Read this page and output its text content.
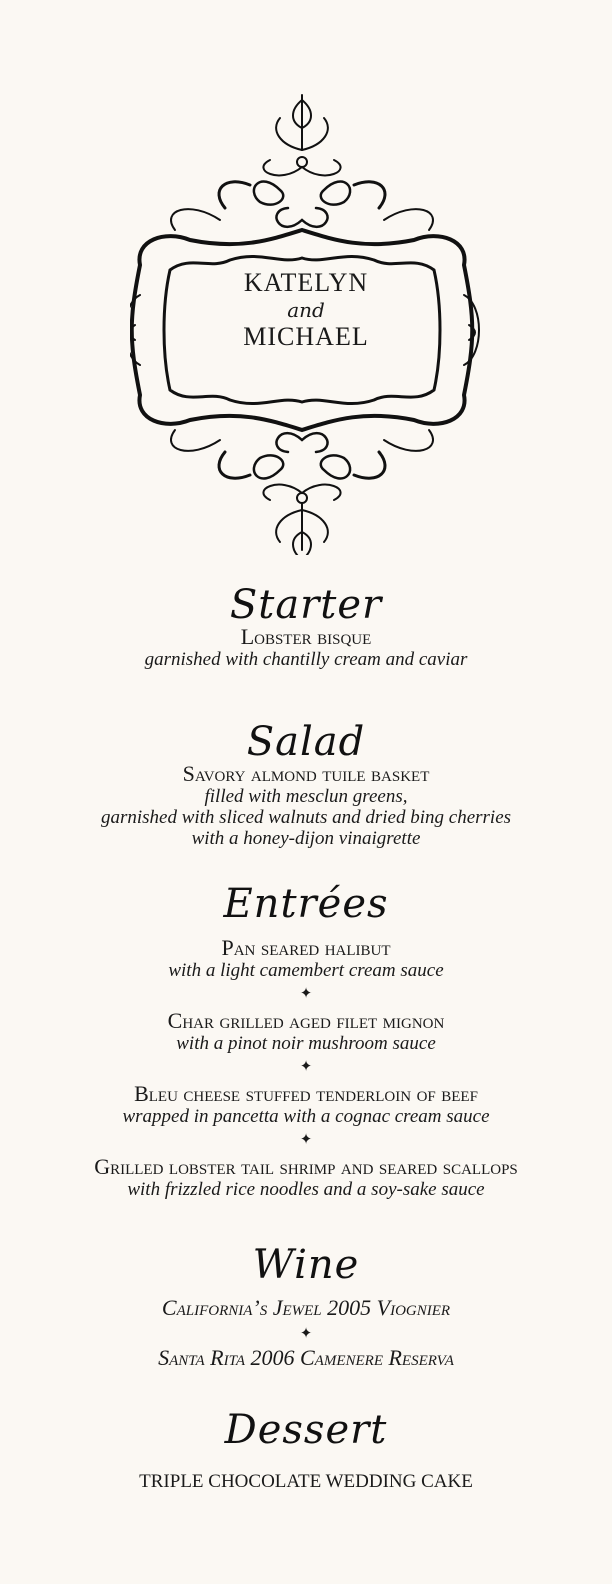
KATELYN
and
MICHAEL
Starter
Lobster bisque
garnished with chantilly cream and caviar
Salad
Savory almond tuile basket
filled with mesclun greens,
garnished with sliced walnuts and dried bing cherries
with a honey-dijon vinaigrette
Entrées
Pan seared halibut
with a light camembert cream sauce
✦
Char grilled aged filet mignon
with a pinot noir mushroom sauce
✦
Bleu cheese stuffed tenderloin of beef
wrapped in pancetta with a cognac cream sauce
✦
Grilled lobster tail shrimp and seared scallops
with frizzled rice noodles and a soy-sake sauce
Wine
California’s Jewel 2005 Viognier
✦
Santa Rita 2006 Camenere Reserva
Dessert
TRIPLE CHOCOLATE WEDDING CAKE
